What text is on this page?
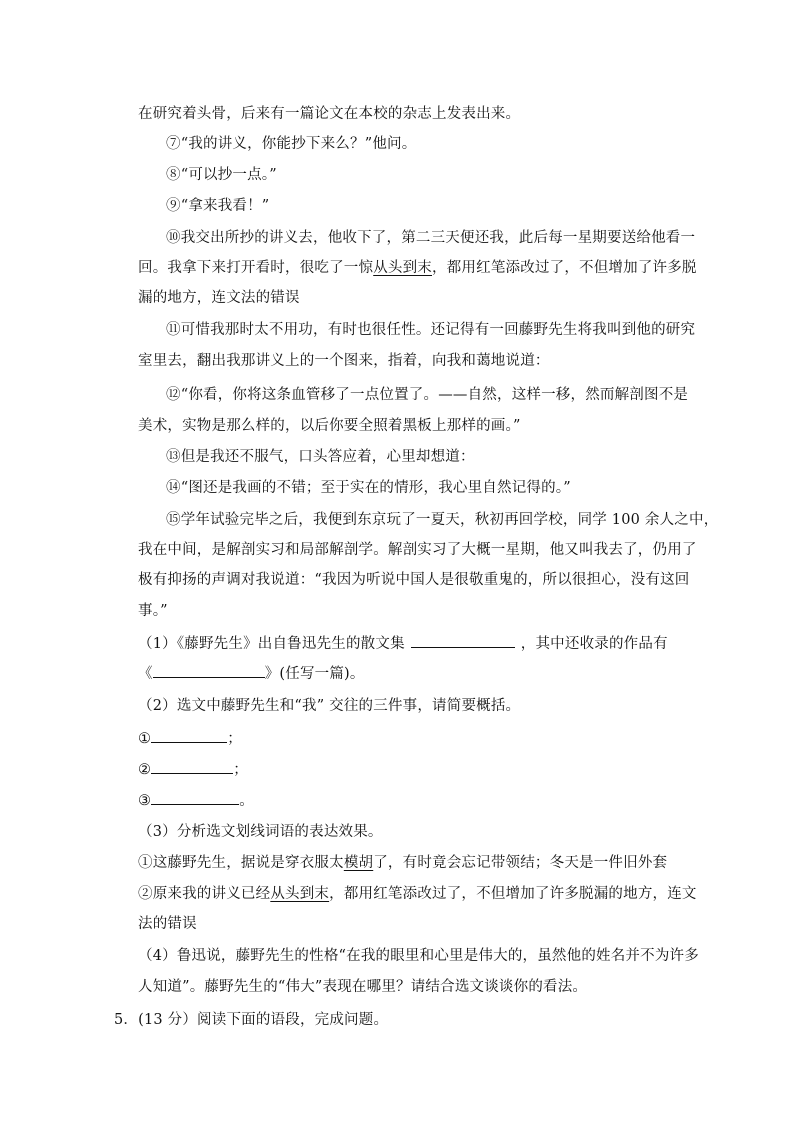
在研究着头骨，后来有一篇论文在本校的杂志上发表出来。
⑦“我的讲义，你能抄下来么？”他问。
⑧“可以抄一点。”
⑨“拿来我看！”
⑩我交出所抄的讲义去，他收下了，第二三天便还我，此后每一星期要送给他看一
回。我拿下来打开看时，很吃了一惊从头到末，都用红笔添改过了，不但增加了许多脱
漏的地方，连文法的错误
⑪可惜我那时太不用功，有时也很任性。还记得有一回藤野先生将我叫到他的研究
室里去，翻出我那讲义上的一个图来，指着，向我和蔼地说道：
⑫“你看，你将这条血管移了一点位置了。——自然，这样一移，然而解剖图不是
美术，实物是那么样的，以后你要全照着黑板上那样的画。”
⑬但是我还不服气，口头答应着，心里却想道：
⑭“图还是我画的不错；至于实在的情形，我心里自然记得的。”
⑮学年试验完毕之后，我便到东京玩了一夏天，秋初再回学校，同学 100 余人之中，
我在中间，是解剖实习和局部解剖学。解剖实习了大概一星期，他又叫我去了，仍用了
极有抑扬的声调对我说道：“我因为听说中国人是很敬重鬼的，所以很担心，没有这回
事。”
（1）《藤野先生》出自鲁迅先生的散文集	，其中还收录的作品有
《	》(任写一篇)。
（2）选文中藤野先生和“我” 交往的三件事，请简要概括。
①	；
②	；
③	。
（3）分析选文划线词语的表达效果。
①这藤野先生，据说是穿衣服太模胡了，有时竟会忘记带领结；冬天是一件旧外套
②原来我的讲义已经从头到末，都用红笔添改过了，不但增加了许多脱漏的地方，连文
法的错误
（4）鲁迅说，藤野先生的性格“在我的眼里和心里是伟大的，虽然他的姓名并不为许多
人知道”。藤野先生的“伟大”表现在哪里？请结合选文谈谈你的看法。
5．(13 分）阅读下面的语段，完成问题。
